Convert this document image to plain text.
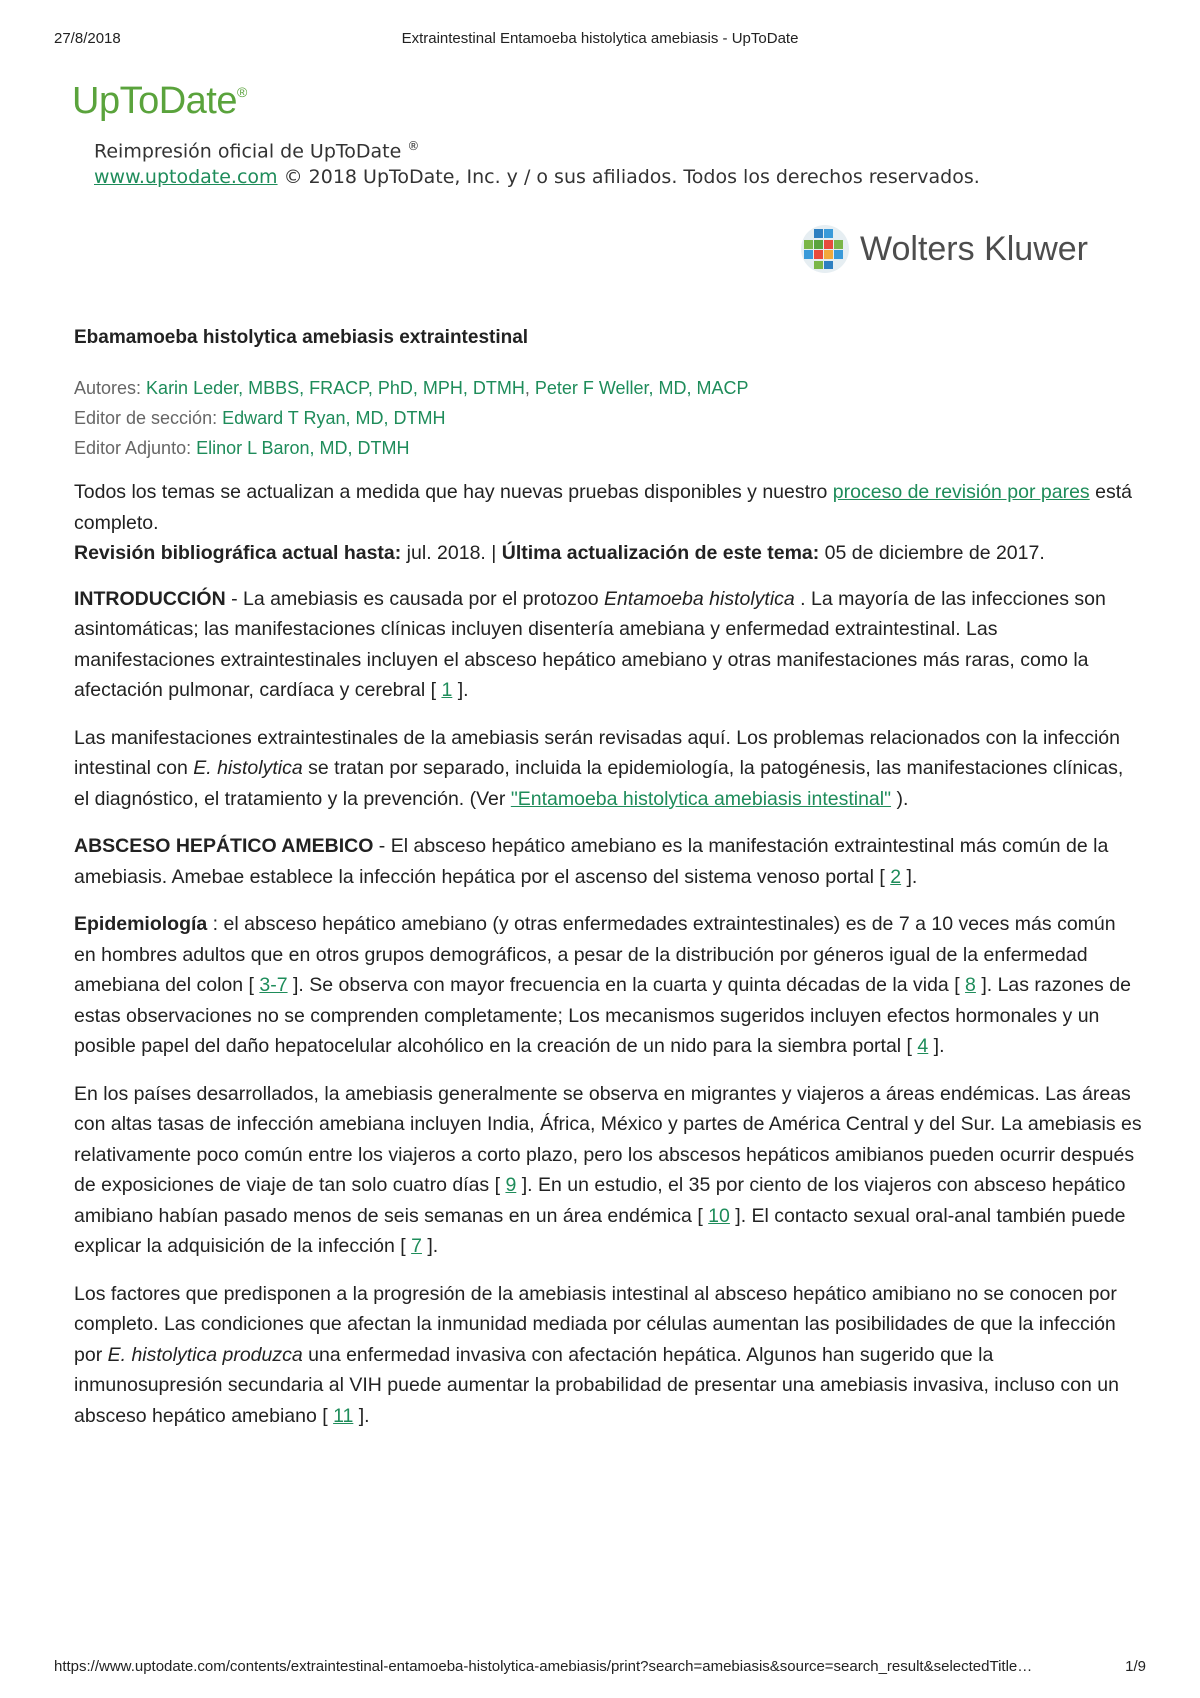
Extraintestinal Entamoeba histolytica amebiasis - UpToDate
27/8/2018
UpToDate®
Reimpresión oficial de UpToDate ®
www.uptodate.com © 2018 UpToDate, Inc. y / o sus afiliados. Todos los derechos reservados.
Wolters Kluwer
Ebamamoeba histolytica amebiasis extraintestinal

Autores: Karin Leder, MBBS, FRACP, PhD, MPH, DTMH, Peter F Weller, MD, MACP

Editor de sección: Edward T Ryan, MD, DTMH

Editor Adjunto: Elinor L Baron, MD, DTMH

Todos los temas se actualizan a medida que hay nuevas pruebas disponibles y nuestro proceso de revisión por pares está completo.

Revisión bibliográfica actual hasta: jul. 2018. | Última actualización de este tema: 05 de diciembre de 2017.

INTRODUCCIÓN - La amebiasis es causada por el protozoo Entamoeba histolytica . La mayoría de las infecciones son asintomáticas; las manifestaciones clínicas incluyen disentería amebiana y enfermedad extraintestinal. Las manifestaciones extraintestinales incluyen el absceso hepático amebiano y otras manifestaciones más raras, como la afectación pulmonar, cardíaca y cerebral [ 1 ].

Las manifestaciones extraintestinales de la amebiasis serán revisadas aquí. Los problemas relacionados con la infección intestinal con E. histolytica se tratan por separado, incluida la epidemiología, la patogénesis, las manifestaciones clínicas, el diagnóstico, el tratamiento y la prevención. (Ver "Entamoeba histolytica amebiasis intestinal" ).

ABSCESO HEPÁTICO AMEBICO - El absceso hepático amebiano es la manifestación extraintestinal más común de la amebiasis. Amebae establece la infección hepática por el ascenso del sistema venoso portal [ 2 ].

Epidemiología : el absceso hepático amebiano (y otras enfermedades extraintestinales) es de 7 a 10 veces más común en hombres adultos que en otros grupos demográficos, a pesar de la distribución por géneros igual de la enfermedad amebiana del colon [ 3-7 ]. Se observa con mayor frecuencia en la cuarta y quinta décadas de la vida [ 8 ]. Las razones de estas observaciones no se comprenden completamente; Los mecanismos sugeridos incluyen efectos hormonales y un posible papel del daño hepatocelular alcohólico en la creación de un nido para la siembra portal [ 4 ].

En los países desarrollados, la amebiasis generalmente se observa en migrantes y viajeros a áreas endémicas. Las áreas con altas tasas de infección amebiana incluyen India, África, México y partes de América Central y del Sur. La amebiasis es relativamente poco común entre los viajeros a corto plazo, pero los abscesos hepáticos amibianos pueden ocurrir después de exposiciones de viaje de tan solo cuatro días [ 9 ]. En un estudio, el 35 por ciento de los viajeros con absceso hepático amibiano habían pasado menos de seis semanas en un área endémica [ 10 ]. El contacto sexual oral-anal también puede explicar la adquisición de la infección [ 7 ].

Los factores que predisponen a la progresión de la amebiasis intestinal al absceso hepático amibiano no se conocen por completo. Las condiciones que afectan la inmunidad mediada por células aumentan las posibilidades de que la infección por E. histolytica produzca una enfermedad invasiva con afectación hepática. Algunos han sugerido que la inmunosupresión secundaria al VIH puede aumentar la probabilidad de presentar una amebiasis invasiva, incluso con un absceso hepático amebiano [ 11 ].

https://www.uptodate.com/contents/extraintestinal-entamoeba-histolytica-amebiasis/print?search=amebiasis&source=search_result&selectedTitle…	1/9
